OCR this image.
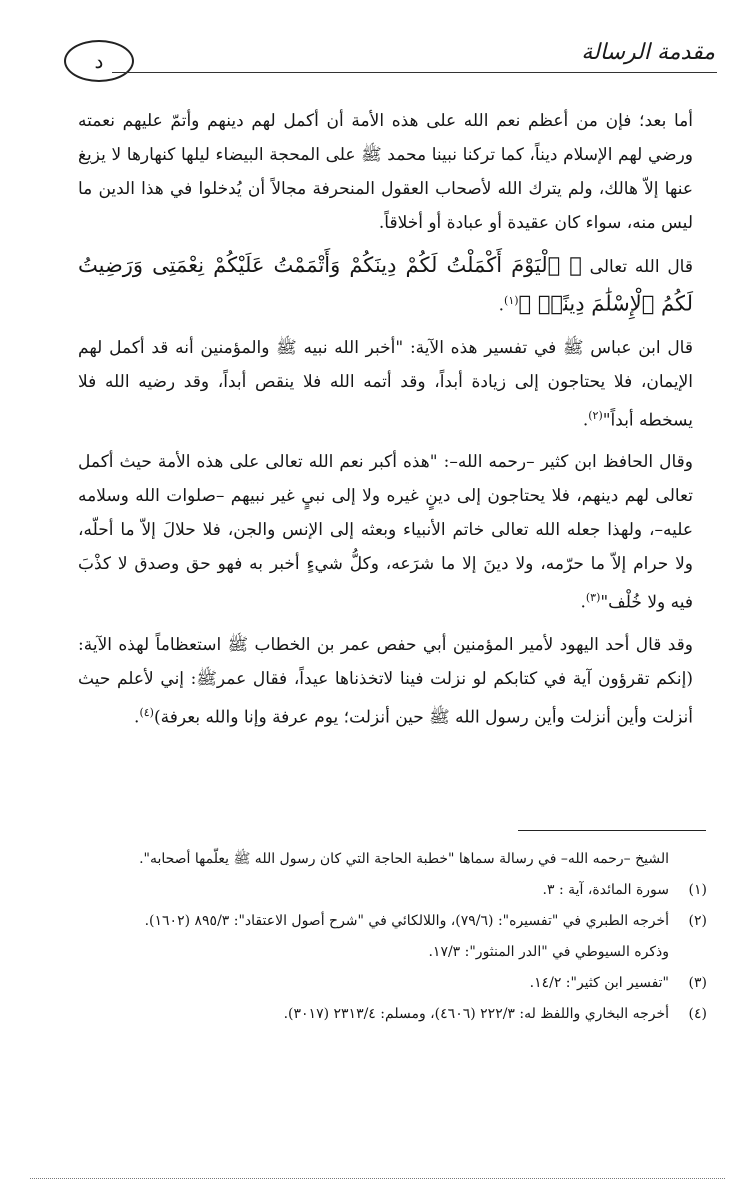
مقدمة الرسالة
د

أما بعد؛ فإن من أعظم نعم الله على هذه الأمة أن أكمل لهم دينهم وأتمّ عليهم نعمته ورضي لهم الإسلام ديناً، كما تركنا نبينا محمد ﷺ على المحجة البيضاء ليلها كنهارها لا يزيغ عنها إلاّ هالك، ولم يترك الله لأصحاب العقول المنحرفة مجالاً أن يُدخلوا في هذا الدين ما ليس منه، سواء كان عقيدة أو عبادة أو أخلاقاً.

قال الله تعالى ﴿ ٱلْيَوْمَ أَكْمَلْتُ لَكُمْ دِينَكُمْ وَأَتْمَمْتُ عَلَيْكُمْ نِعْمَتِى وَرَضِيتُ لَكُمُ ٱلْإِسْلَٰمَ دِينًاۚ ﴾$^{(١)}$.

قال ابن عباس ﷺ في تفسير هذه الآية: "أخبر الله نبيه ﷺ والمؤمنين أنه قد أكمل لهم الإيمان، فلا يحتاجون إلى زيادة أبداً، وقد أتمه الله فلا ينقص أبداً، وقد رضيه الله فلا يسخطه أبداً"$^{(٢)}$.

وقال الحافظ ابن كثير –رحمه الله–: "هذه أكبر نعم الله تعالى على هذه الأمة حيث أكمل تعالى لهم دينهم، فلا يحتاجون إلى دينٍ غيره ولا إلى نبيٍ غير نبيهم –صلوات الله وسلامه عليه–، ولهذا جعله الله تعالى خاتم الأنبياء وبعثه إلى الإنس والجن، فلا حلالَ إلاّ ما أحلّه، ولا حرام إلاّ ما حرّمه، ولا دينَ إلا ما شرَعه، وكلُّ شيءٍ أخبر به فهو حق وصدق لا كذْبَ فيه ولا خُلْف"$^{(٣)}$.

وقد قال أحد اليهود لأمير المؤمنين أبي حفص عمر بن الخطاب ﷺ استعظاماً لهذه الآية: (إنكم تقرؤون آية في كتابكم لو نزلت فينا لاتخذناها عيداً، فقال عمرﷺ: إني لأعلم حيث أنزلت وأين أنزلت وأين رسول الله ﷺ حين أنزلت؛ يوم عرفة وإنا والله بعرفة)$^{(٤)}$.

الشيخ –رحمه الله– في رسالة سماها "خطبة الحاجة التي كان رسول الله ﷺ يعلّمها أصحابه".

(١)سورة المائدة، آية : ٣.

(٢)أخرجه الطبري في "تفسيره": (٧٩/٦)، واللالكائي في "شرح أصول الاعتقاد": ٨٩٥/٣ (١٦٠٢).

وذكره السيوطي في "الدر المنثور": ١٧/٣.

(٣)"تفسير ابن كثير": ١٤/٢.

(٤)أخرجه البخاري واللفظ له: ٢٢٢/٣ (٤٦٠٦)، ومسلم: ٢٣١٣/٤ (٣٠١٧).
